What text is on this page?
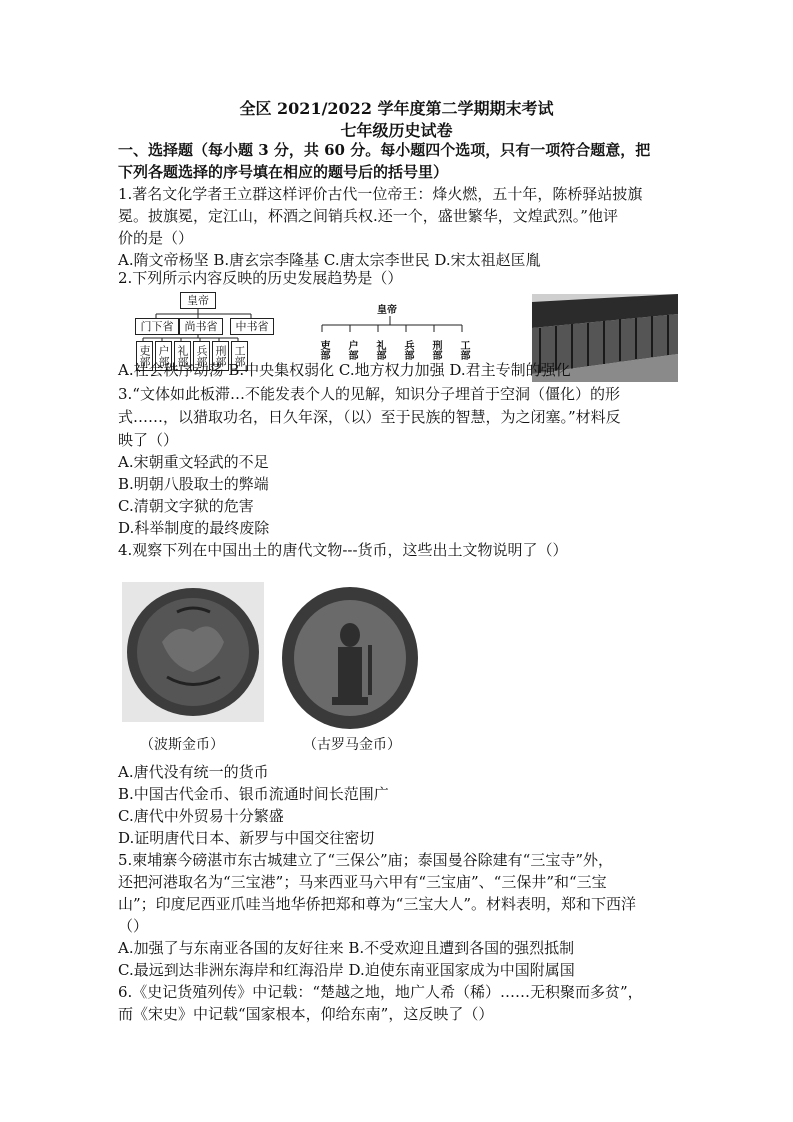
全区 2021/2022 学年度第二学期期末考试
七年级历史试卷
一、选择题（每小题 3 分，共 60 分。每小题四个选项，只有一项符合题意，把
下列各题选择的序号填在相应的题号后的括号里）
1.著名文化学者王立群这样评价古代一位帝王：烽火燃，五十年，陈桥驿站披旗
冕。披旗冕，定江山，杯酒之间销兵权.还一个，盛世繁华，文煌武烈。”他评
价的是（）
A.隋文帝杨坚 B.唐玄宗李隆基 C.唐太宗李世民 D.宋太祖赵匡胤
2.下列所示内容反映的历史发展趋势是（）
皇帝
门下省	尚书省	中书省
吏部 户部 礼部 兵部 刑部 工部
皇帝
吏部 户部 礼部 兵部 刑部 工部
A.社会秩序动荡 B.中央集权弱化 C.地方权力加强 D.君主专制的强化
3.“文体如此板滞…不能发表个人的见解，知识分子埋首于空洞（僵化）的形
式……，以猎取功名，日久年深，（以）至于民族的智慧，为之闭塞。”材料反
映了（）
A.宋朝重文轻武的不足
B.明朝八股取士的弊端
C.清朝文字狱的危害
D.科举制度的最终废除
4.观察下列在中国出土的唐代文物---货币，这些出土文物说明了（）
（波斯金币）	（古罗马金币）
A.唐代没有统一的货币
B.中国古代金币、银币流通时间长范围广
C.唐代中外贸易十分繁盛
D.证明唐代日本、新罗与中国交往密切
5.柬埔寨今磅湛市东古城建立了“三保公”庙；泰国曼谷除建有“三宝寺”外，
还把河港取名为“三宝港”；马来西亚马六甲有“三宝庙”、“三保井”和“三宝
山”；印度尼西亚爪哇当地华侨把郑和尊为“三宝大人”。材料表明，郑和下西洋
（）
A.加强了与东南亚各国的友好往来 B.不受欢迎且遭到各国的强烈抵制
C.最远到达非洲东海岸和红海沿岸 D.迫使东南亚国家成为中国附属国
6.《史记货殖列传》中记载：“楚越之地，地广人希（稀）……无积聚而多贫”，
而《宋史》中记载“国家根本，仰给东南”，这反映了（）
